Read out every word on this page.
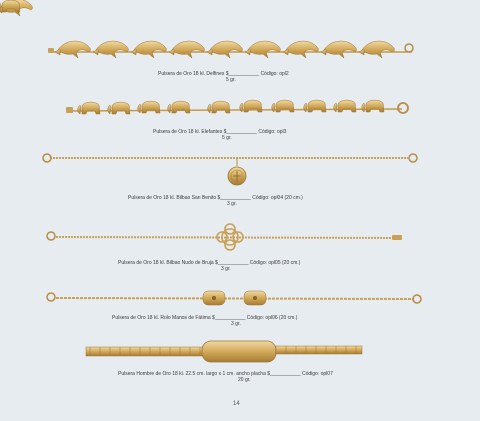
Pulsera de Oro 18 kl. Delfines $___________ Código: opl2
5 gr.
Pulsera de Oro 18 kl. Elefantes $___________ Código: opl3
5 gr.
Pulsera de Oro 18 kl. Bilbao San Benito $___________ Código: opl04 (20 cm.)
3 gr.
Pulsera de Oro 18 kl. Bilbao Nudo de Bruja $___________ Código: opl05 (20 cm.)
3 gr.
Pulsera de Oro 18 kl. Rolo Manos de Fátima $___________ Código: opl06 (20 cm.)
3 gr.
Pulsera Hombre de Oro 18 kl. 22.5 cm. largo x 1 cm. ancho placha $___________ Código: opl07
20 gr.
14
